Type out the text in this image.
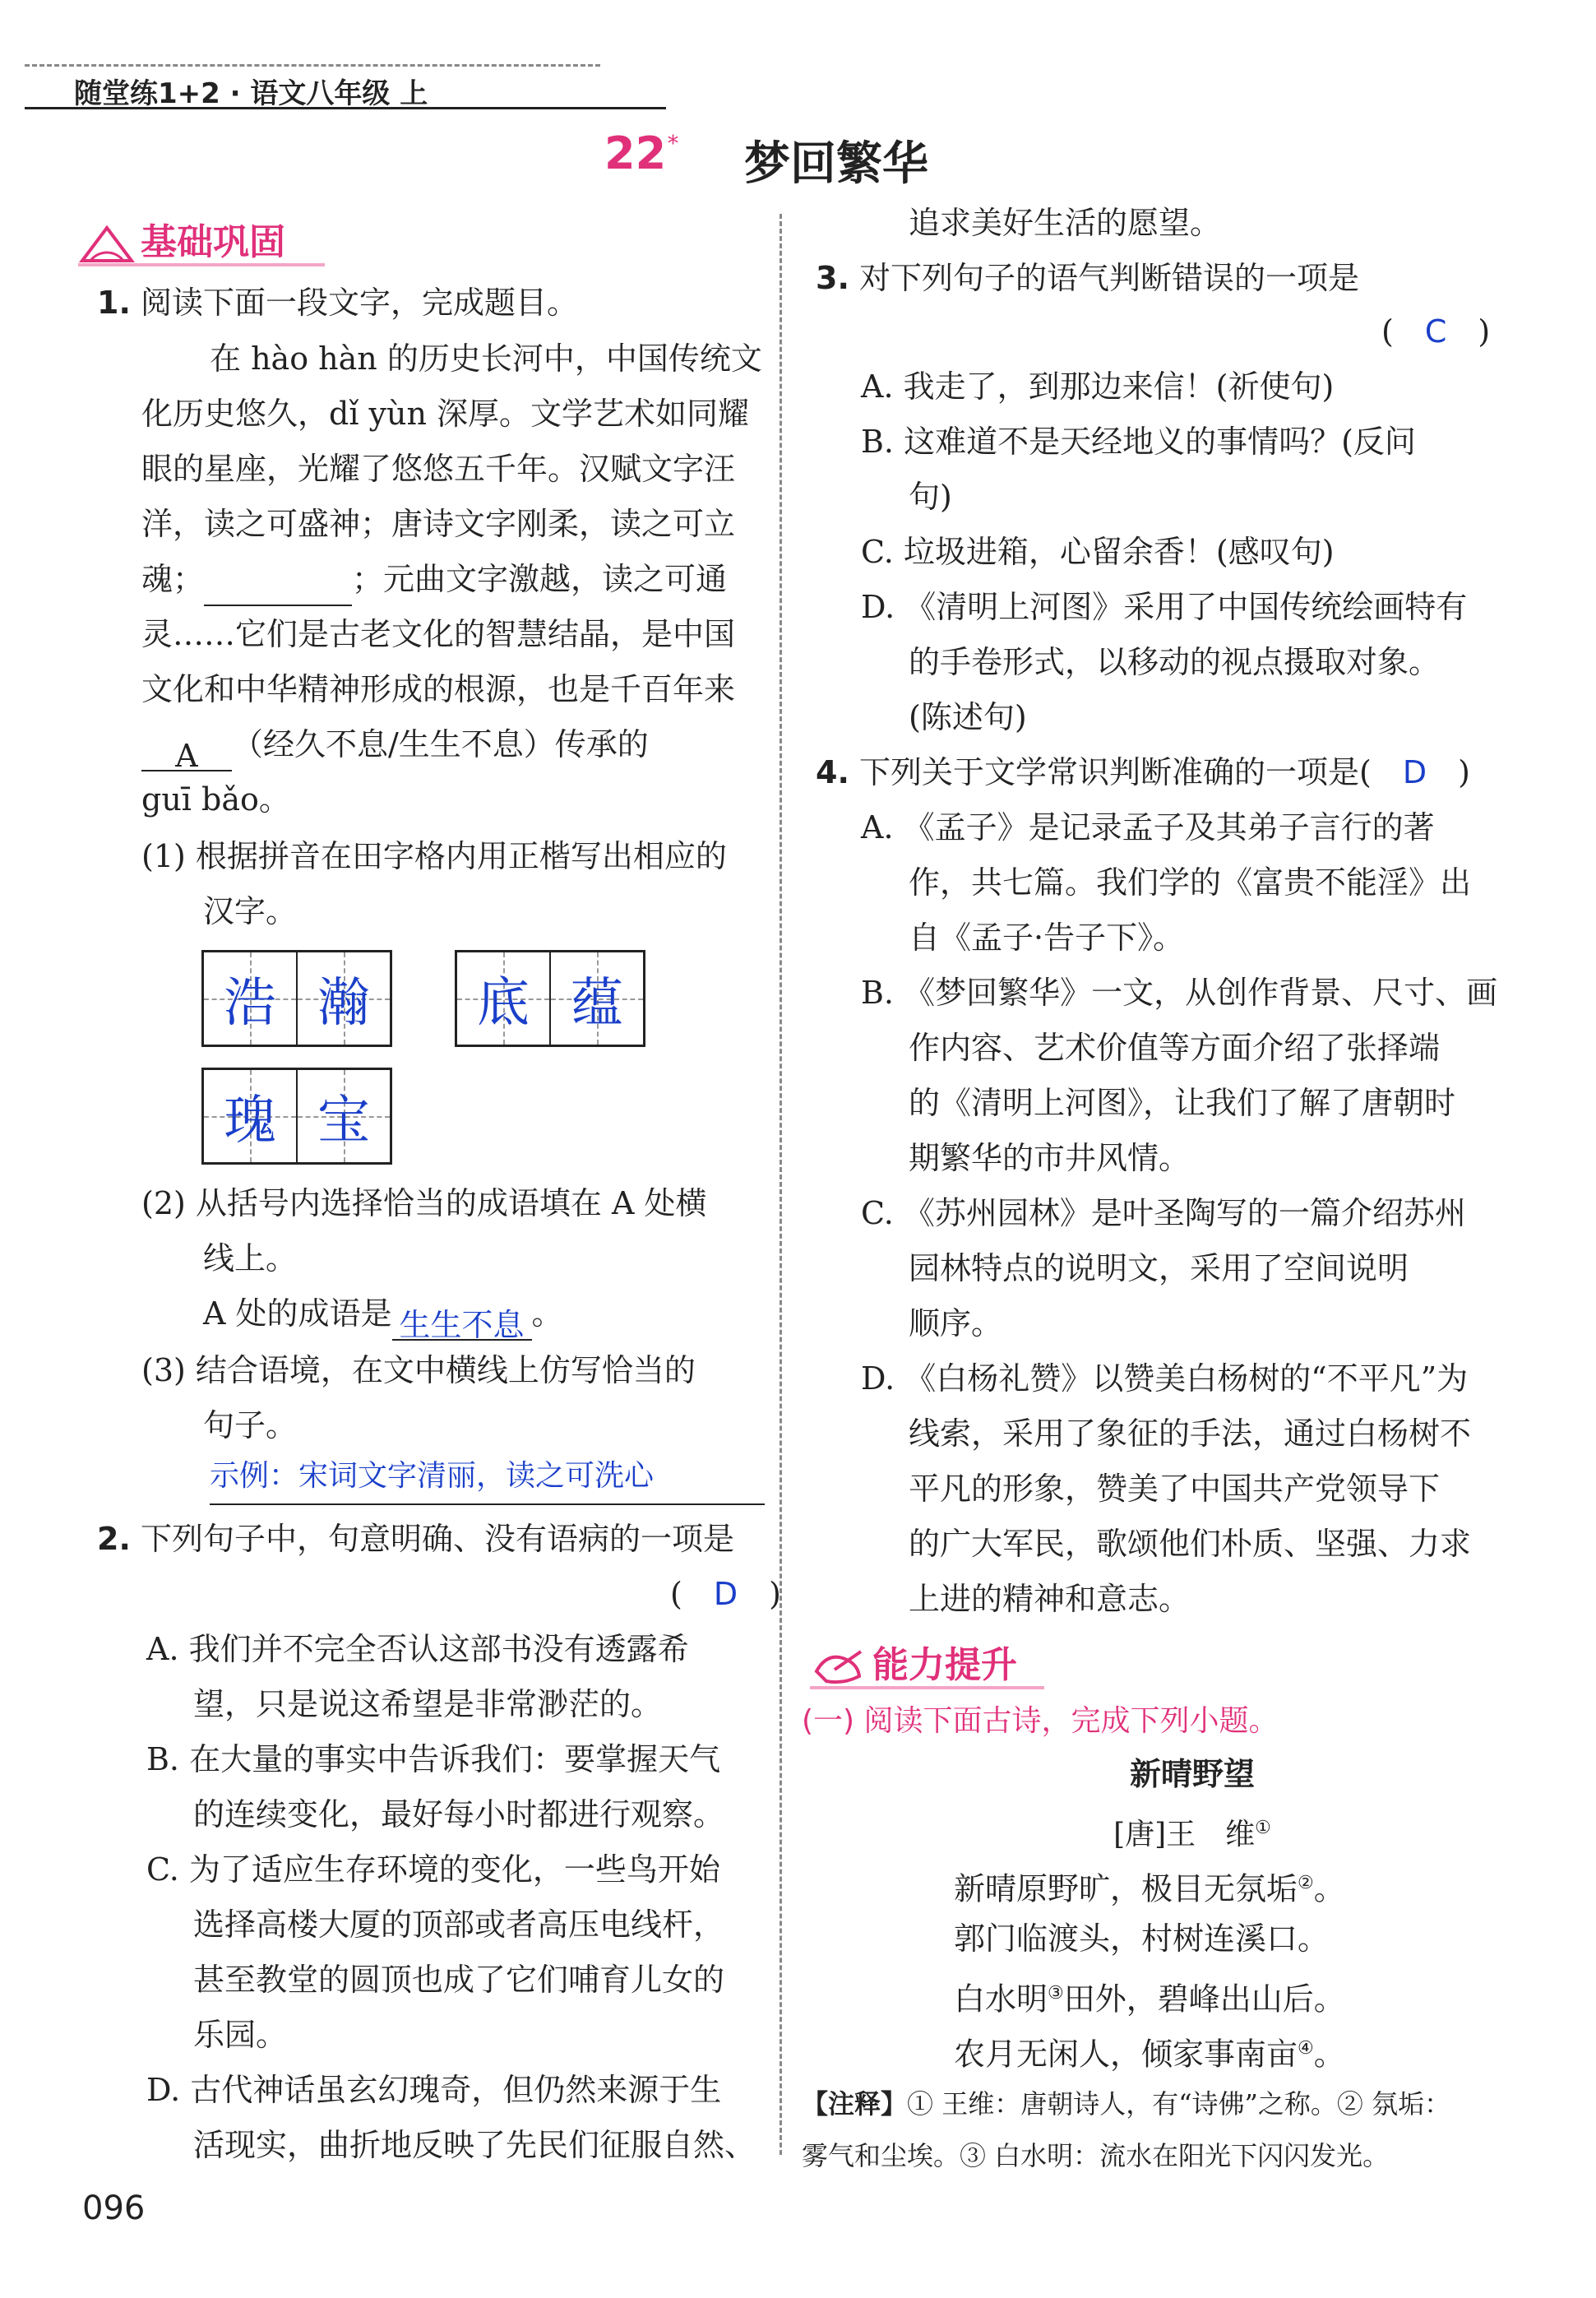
随堂练1+2 · 语文八年级 上
22 * 梦回繁华
基础巩固
1. 阅读下面一段文字，完成题目。
在 hào hàn 的历史长河中，中国传统文
化历史悠久，dǐ yùn 深厚。文学艺术如同耀
眼的星座，光耀了悠悠五千年。汉赋文字汪
洋，读之可盛神；唐诗文字刚柔，读之可立
魂；	；元曲文字激越，读之可通
灵……它们是古老文化的智慧结晶，是中国
文化和中华精神形成的根源，也是千百年来
A （经久不息/生生不息）传承的
guī bǎo。
(1) 根据拼音在田字格内用正楷写出相应的
汉字。
浩 瀚 底 蕴
瑰 宝
(2) 从括号内选择恰当的成语填在 A 处横
线上。
A 处的成语是 生生不息 。
(3) 结合语境，在文中横线上仿写恰当的
句子。
示例：宋词文字清丽，读之可洗心
2. 下列句子中，句意明确、没有语病的一项是
(　D　)
A. 我们并不完全否认这部书没有透露希
望，只是说这希望是非常渺茫的。
B. 在大量的事实中告诉我们：要掌握天气
的连续变化，最好每小时都进行观察。
C. 为了适应生存环境的变化，一些鸟开始
选择高楼大厦的顶部或者高压电线杆，
甚至教堂的圆顶也成了它们哺育儿女的
乐园。
D. 古代神话虽玄幻瑰奇，但仍然来源于生
活现实，曲折地反映了先民们征服自然、
追求美好生活的愿望。
3. 对下列句子的语气判断错误的一项是
(　C　)
A. 我走了，到那边来信！(祈使句)
B. 这难道不是天经地义的事情吗？(反问
句)
C. 垃圾进箱，心留余香！(感叹句)
D. 《清明上河图》采用了中国传统绘画特有
的手卷形式，以移动的视点摄取对象。
(陈述句)
4. 下列关于文学常识判断准确的一项是(　D　)
A. 《孟子》是记录孟子及其弟子言行的著
作，共七篇。我们学的《富贵不能淫》出
自《孟子·告子下》。
B. 《梦回繁华》一文，从创作背景、尺寸、画
作内容、艺术价值等方面介绍了张择端
的《清明上河图》，让我们了解了唐朝时
期繁华的市井风情。
C. 《苏州园林》是叶圣陶写的一篇介绍苏州
园林特点的说明文，采用了空间说明
顺序。
D. 《白杨礼赞》以赞美白杨树的“不平凡”为
线索，采用了象征的手法，通过白杨树不
平凡的形象，赞美了中国共产党领导下
的广大军民，歌颂他们朴质、坚强、力求
上进的精神和意志。
能力提升
(一) 阅读下面古诗，完成下列小题。
新晴野望
[唐]王　维①
新晴原野旷，极目无氛垢②。
郭门临渡头，村树连溪口。
白水明③田外，碧峰出山后。
农月无闲人，倾家事南亩④。
【注释】① 王维：唐朝诗人，有“诗佛”之称。② 氛垢：
雾气和尘埃。③ 白水明：流水在阳光下闪闪发光。
096
